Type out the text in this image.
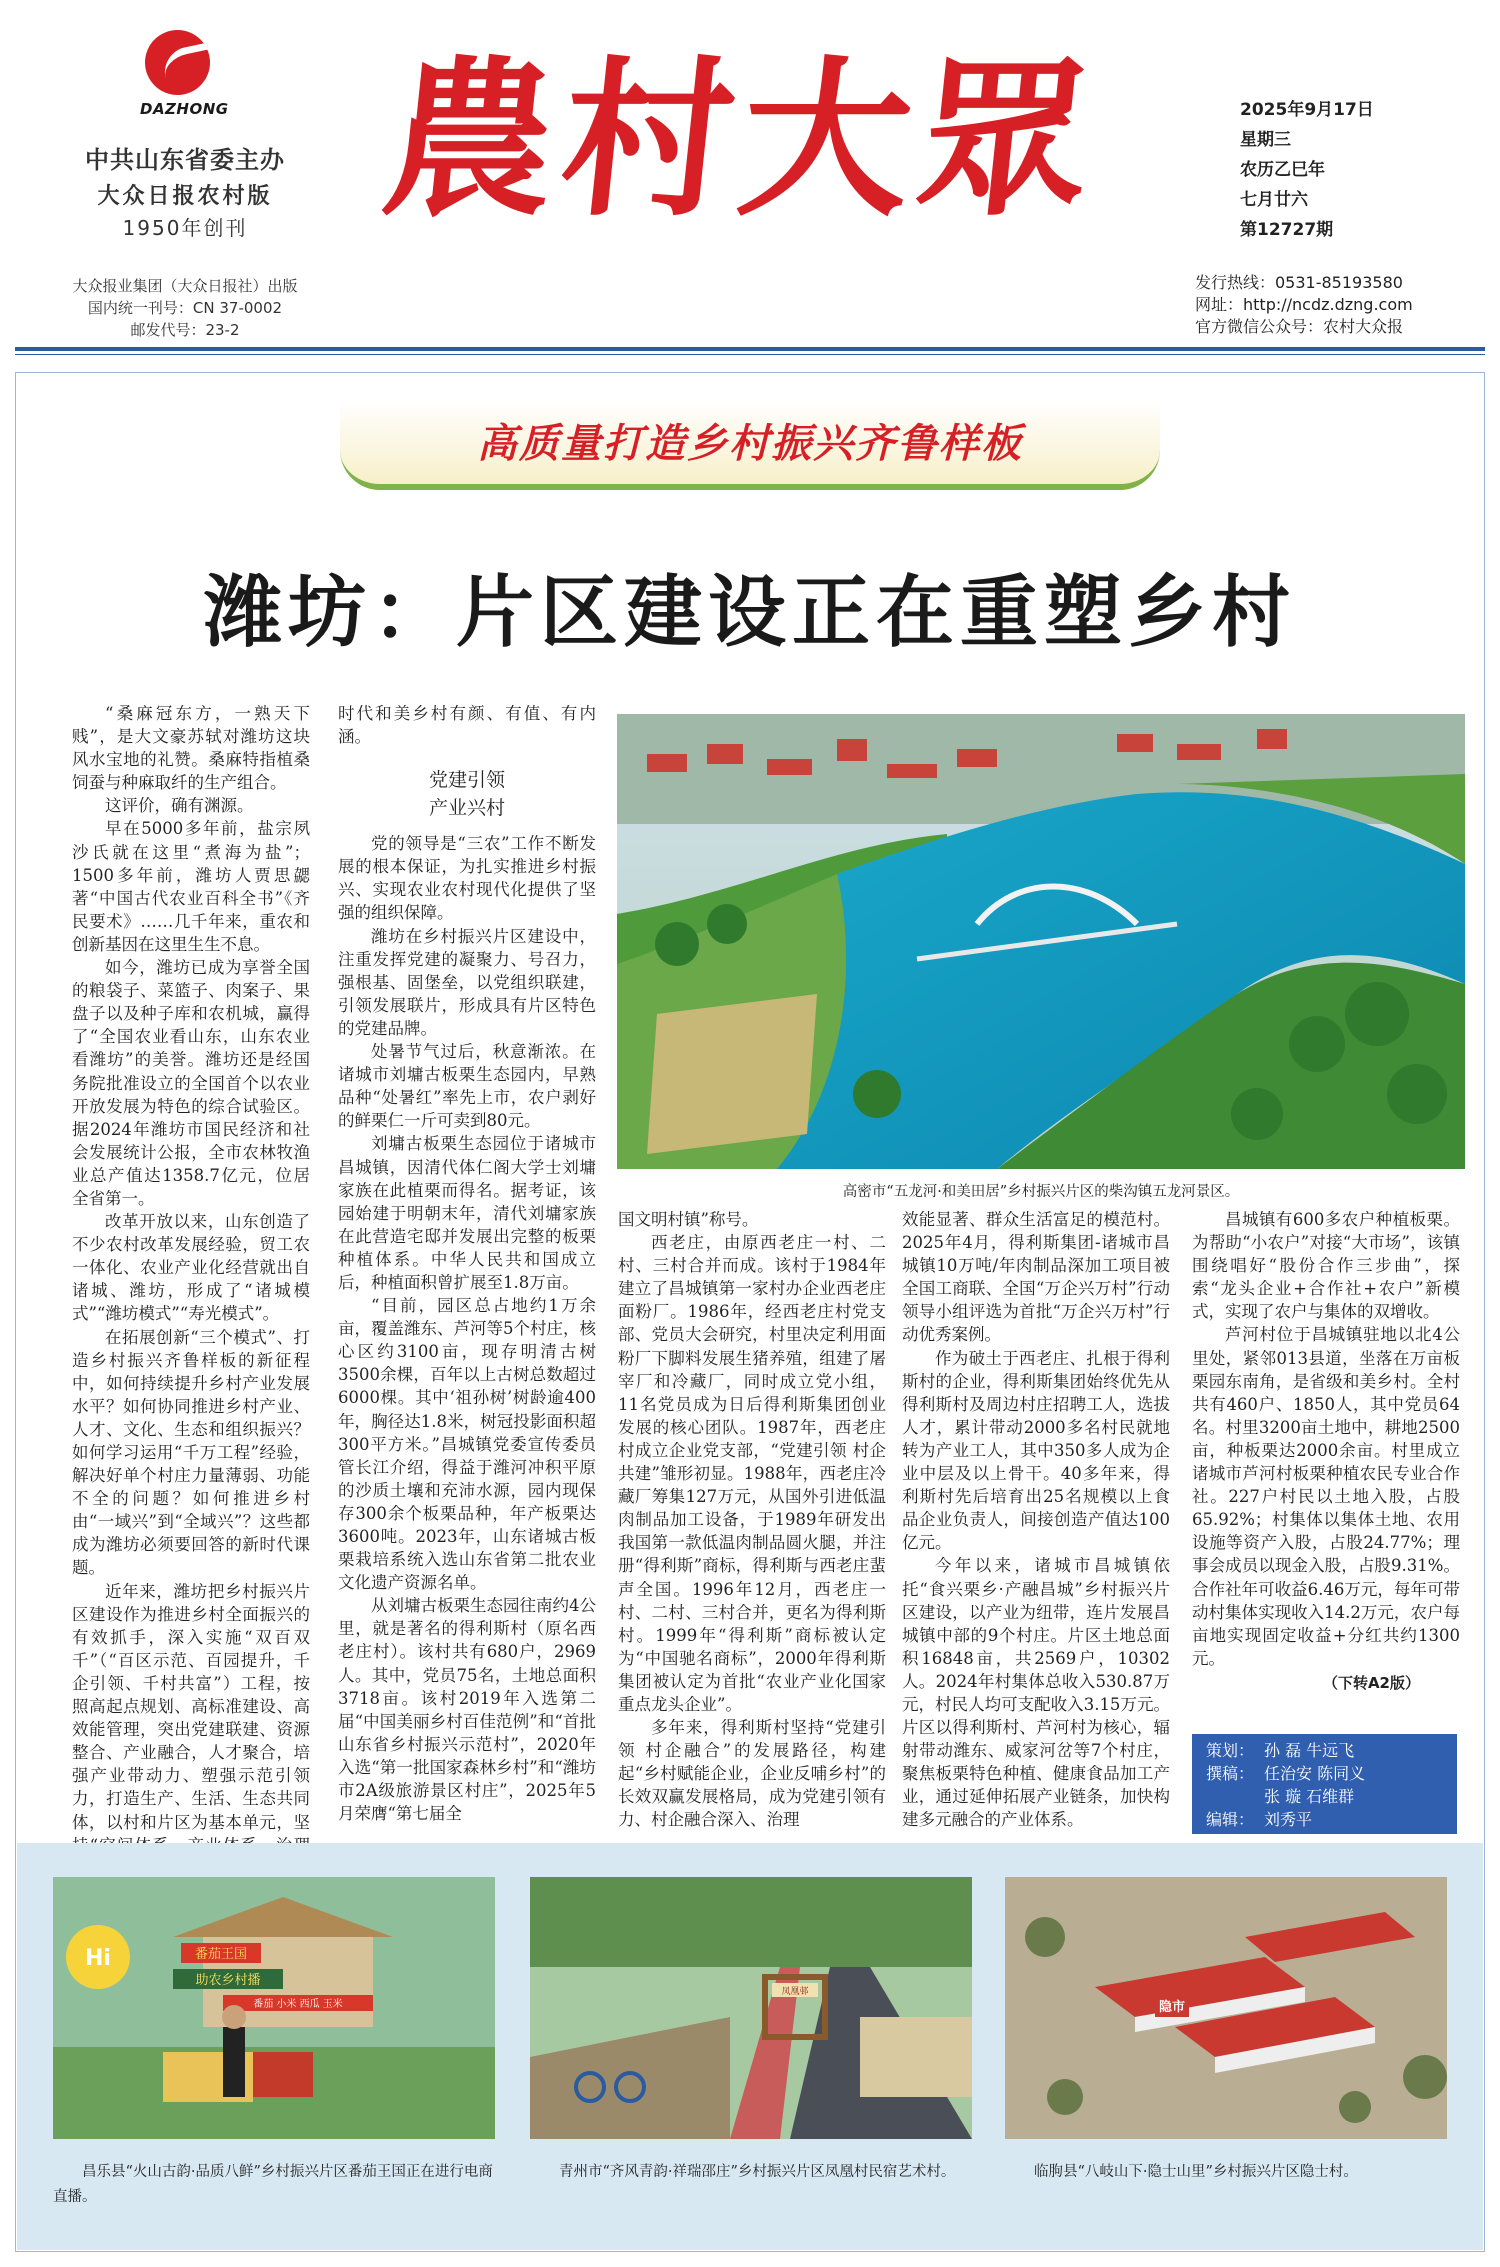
DAZHONG
中共山东省委主办
大众日报农村版
1950年创刊
大众报业集团（大众日报社）出版
国内统一刊号：CN 37-0002
邮发代号：23-2
農村大眾	2025年9月17日
星期三
农历乙巳年
七月廿六
第12727期
发行热线：0531-85193580
网址：http://ncdz.dzng.com
官方微信公众号：农村大众报
高质量打造乡村振兴齐鲁样板
潍坊：片区建设正在重塑乡村

“桑麻冠东方，一熟天下贱”，是大文豪苏轼对潍坊这块风水宝地的礼赞。桑麻特指植桑饲蚕与种麻取纤的生产组合。

这评价，确有渊源。

早在5000多年前，盐宗夙沙氏就在这里“煮海为盐”；1500多年前，潍坊人贾思勰著“中国古代农业百科全书”《齐民要术》……几千年来，重农和创新基因在这里生生不息。

如今，潍坊已成为享誉全国的粮袋子、菜篮子、肉案子、果盘子以及种子库和农机城，赢得了“全国农业看山东，山东农业看潍坊”的美誉。潍坊还是经国务院批准设立的全国首个以农业开放发展为特色的综合试验区。据2024年潍坊市国民经济和社会发展统计公报，全市农林牧渔业总产值达1358.7亿元，位居全省第一。

改革开放以来，山东创造了不少农村改革发展经验，贸工农一体化、农业产业化经营就出自诸城、潍坊，形成了“诸城模式”“潍坊模式”“寿光模式”。

在拓展创新“三个模式”、打造乡村振兴齐鲁样板的新征程中，如何持续提升乡村产业发展水平？如何协同推进乡村产业、人才、文化、生态和组织振兴？如何学习运用“千万工程”经验，解决好单个村庄力量薄弱、功能不全的问题？如何推进乡村由“一域兴”到“全域兴”？这些都成为潍坊必须要回答的新时代课题。

近年来，潍坊把乡村振兴片区建设作为推进乡村全面振兴的有效抓手，深入实施“双百双千”（“百区示范、百园提升，千企引领、千村共富”）工程，按照高起点规划、高标准建设、高效能管理，突出党建联建、资源整合、产业融合，人才聚合，培强产业带动力、塑强示范引领力，打造生产、生活、生态共同体，以村和片区为基本单元，坚

时代和美乡村有颜、有值、有内涵。

党建引领
产业兴村

党的领导是“三农”工作不断发展的根本保证，为扎实推进乡村振兴、实现农业农村现代化提供了坚强的组织保障。

潍坊在乡村振兴片区建设中，注重发挥党建的凝聚力、号召力，强根基、固堡垒，以党组织联建，引领发展联片，形成具有片区特色的党建品牌。

处暑节气过后，秋意渐浓。在诸城市刘墉古板栗生态园内，早熟品种“处暑红”率先上市，农户剥好的鲜栗仁一斤可卖到80元。

刘墉古板栗生态园位于诸城市昌城镇，因清代体仁阁大学士刘墉家族在此植栗而得名。据考证，该园始建于明朝末年，清代刘墉家族在此营造宅邸并发展出完整的板栗种植体系。中华人民共和国成立后，种植面积曾扩展至1.8万亩。

“目前，园区总占地约1万余亩，覆盖潍东、芦河等5个村庄，核心区约3100亩，现存明清古树3500余棵，百年以上古树总数超过6000棵。其中‘祖孙树’树龄逾400年，胸径达1.8米，树冠投影面积超300平方米。”昌城镇党委宣传委员管长江介绍，得益于潍河冲积平原的沙质土壤和充沛水源，园内现保存300余个板栗品种，年产板栗达3600吨。2023年，山东诸城古板栗栽培系统入选山东省第二批农业文化遗产资源名单。

从刘墉古板栗生态园往南约4公里，就是著名的得利斯村（原名西老庄村）。该村共有680户，2969人。其中，党员75名，土地总面积3718亩。该村2019年入选第二届“中国美丽乡村百佳范例”和“首批山东省乡村振兴示范村”，2020年入选“第一批国家森林乡村”和“潍坊市2A级旅游景区村庄”，2025年5月荣膺“第七届全

高密市“五龙河·和美田居”乡村振兴片区的柴沟镇五龙河景区。

国文明村镇”称号。

西老庄，由原西老庄一村、二村、三村合并而成。该村于1984年建立了昌城镇第一家村办企业西老庄面粉厂。1986年，经西老庄村党支部、党员大会研究，村里决定利用面粉厂下脚料发展生猪养殖，组建了屠宰厂和冷藏厂，同时成立党小组，11名党员成为日后得利斯集团创业发展的核心团队。1987年，西老庄村成立企业党支部，“党建引领 村企共建”雏形初显。1988年，西老庄冷藏厂筹集127万元，从国外引进低温肉制品加工设备，于1989年研发出我国第一款低温肉制品圆火腿，并注册“得利斯”商标，得利斯与西老庄蜚声全国。1996年12月，西老庄一村、二村、三村合并，更名为得利斯村。1999年“得利斯”商标被认定为“中国驰名商标”，2000年得利斯集团被认定为首批“农业产业化国家重点龙头企业”。

多年来，得利斯村坚持“党建引领 村企融合”的发展路径，构建起“乡村赋能企业，企业反哺乡村”的长效双赢发展格局，成为党建引领有力、村企融合深入、治理

效能显著、群众生活富足的模范村。2025年4月，得利斯集团-诸城市昌城镇10万吨/年肉制品深加工项目被全国工商联、全国“万企兴万村”行动领导小组评选为首批“万企兴万村”行动优秀案例。

作为破土于西老庄、扎根于得利斯村的企业，得利斯集团始终优先从得利斯村及周边村庄招聘工人，选拔人才，累计带动2000多名村民就地转为产业工人，其中350多人成为企业中层及以上骨干。40多年来，得利斯村先后培育出25名规模以上食品企业负责人，间接创造产值达100亿元。

今年以来，诸城市昌城镇依托“食兴栗乡·产融昌城”乡村振兴片区建设，以产业为纽带，连片发展昌城镇中部的9个村庄。片区土地总面积16848亩，共2569户，10302人。2024年村集体总收入530.87万元，村民人均可支配收入3.15万元。片区以得利斯村、芦河村为核心，辐射带动潍东、威家河岔等7个村庄，聚焦板栗特色种植、健康食品加工产业，通过延伸拓展产业链条，加快构建多元融合的产业体系。

昌城镇有600多农户种植板栗。为帮助“小农户”对接“大市场”，该镇围绕唱好“股份合作三步曲”，探索“龙头企业+合作社+农户”新模式，实现了农户与集体的双增收。

芦河村位于昌城镇驻地以北4公里处，紧邻013县道，坐落在万亩板栗园东南角，是省级和美乡村。全村共有460户、1850人，其中党员64名。村里3200亩土地中，耕地2500亩，种板栗达2000余亩。村里成立诸城市芦河村板栗种植农民专业合作社。227户村民以土地入股，占股65.92%；村集体以集体土地、农用设施等资产入股，占股24.77%；理事会成员以现金入股，占股9.31%。合作社年可收益6.46万元，每年可带动村集体实现收入14.2万元，农户每亩地实现固定收益+分红共约1300元。

（下转A2版）
策划： 孙 磊 牛远飞
撰稿： 任治安 陈同义
张 璇 石维群
编辑： 刘秀平
番茄王国
助农乡村播
番茄 小米 西瓜 玉米
Hi
凤凰邨
隐市
昌乐县“火山古韵·品质八鲜”乡村振兴片区番茄王国正在进行电商直播。
青州市“齐风青韵·祥瑞邵庄”乡村振兴片区凤凰村民宿艺术村。	临朐县“八岐山下·隐士山里”乡村振兴片区隐士村。
